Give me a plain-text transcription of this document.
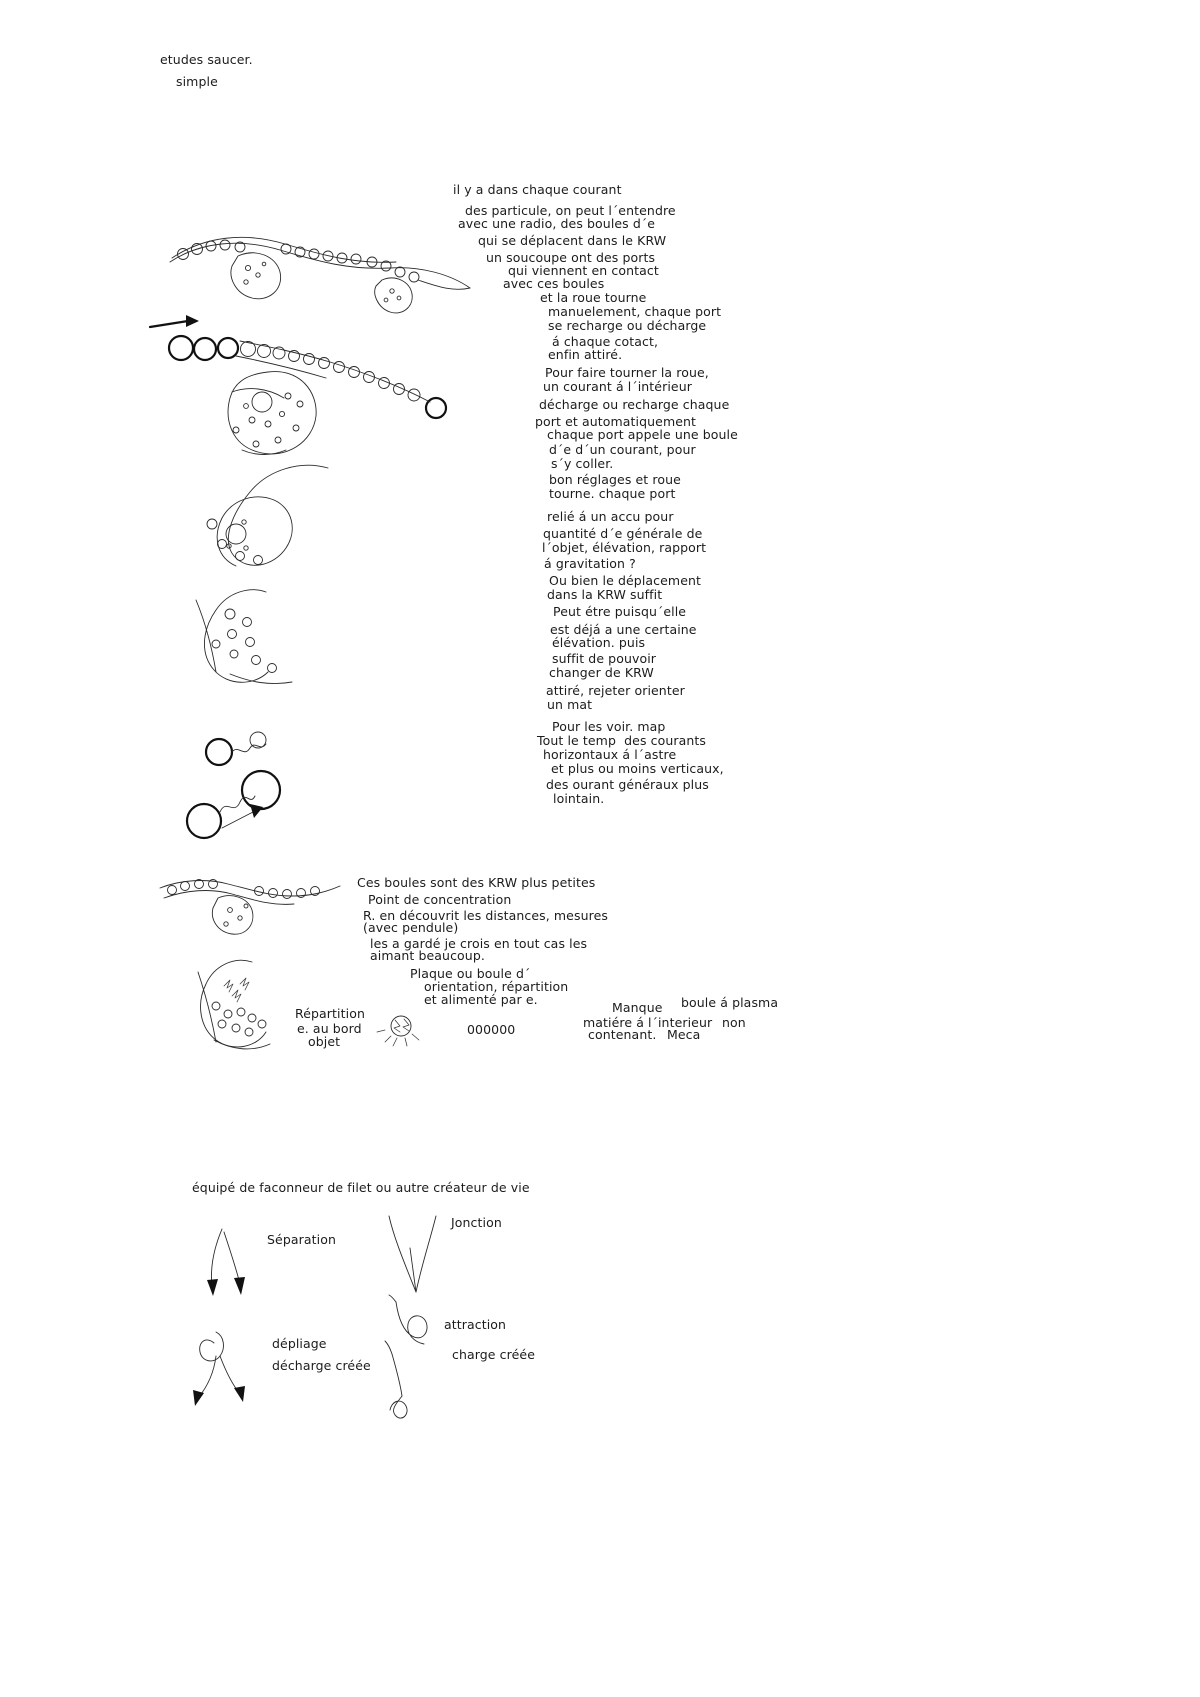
etudes saucer.
simple
il y a dans chaque courant
des particule, on peut l´entendre
avec une radio, des boules d´e
qui se déplacent dans le KRW
un soucoupe ont des ports
qui viennent en contact
avec ces boules
et la roue tourne
manuelement, chaque port
se recharge ou décharge
á chaque cotact,
enfin attiré.
Pour faire tourner la roue,
un courant á l´intérieur
décharge ou recharge chaque
port et automatiquement
chaque port appele une boule
d´e d´un courant, pour
s´y coller.
bon réglages et roue
tourne. chaque port
relié á un accu pour
quantité d´e générale de
l´objet, élévation, rapport
á gravitation ?
Ou bien le déplacement
dans la KRW suffit
Peut étre puisqu´elle
est déjá a une certaine
élévation. puis
suffit de pouvoir
changer de KRW
attiré, rejeter orienter
un mat
Pour les voir. map
Tout le temp  des courants
horizontaux á l´astre
et plus ou moins verticaux,
des ourant généraux plus
lointain.
Ces boules sont des KRW plus petites
Point de concentration
R. en découvrit les distances, mesures
(avec pendule)
les a gardé je crois en tout cas les
aimant beaucoup.
Plaque ou boule d´
orientation, répartition
et alimenté par e.
Répartition
e. au bord
objet
000000
Manque boule á plasma
matiére á l´interieur non
contenant. Meca
équipé de faconneur de filet ou autre créateur de vie
Séparation
Jonction
attraction
dépliage
charge créée
décharge créée
